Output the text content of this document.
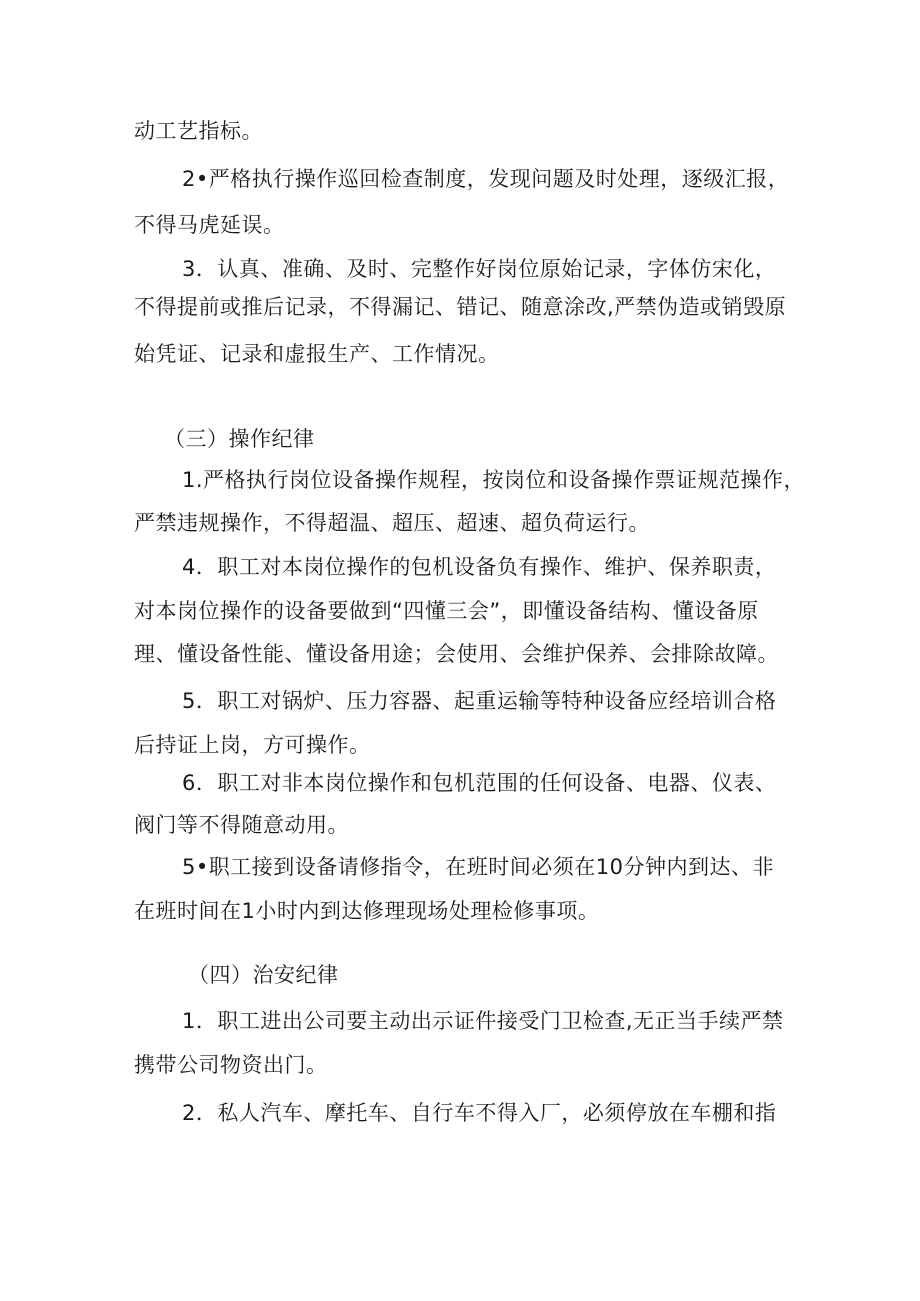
动工艺指标。
2•严格执行操作巡回检查制度，发现问题及时处理，逐级汇报，
不得马虎延误。
3．认真、准确、及时、完整作好岗位原始记录，字体仿宋化，
不得提前或推后记录，不得漏记、错记、随意涂改,严禁伪造或销毁原
始凭证、记录和虚报生产、工作情况。
（三）操作纪律
1.严格执行岗位设备操作规程，按岗位和设备操作票证规范操作，
严禁违规操作，不得超温、超压、超速、超负荷运行。
4．职工对本岗位操作的包机设备负有操作、维护、保养职责，
对本岗位操作的设备要做到“四懂三会”，即懂设备结构、懂设备原
理、懂设备性能、懂设备用途；会使用、会维护保养、会排除故障。
5．职工对锅炉、压力容器、起重运输等特种设备应经培训合格
后持证上岗，方可操作。
6．职工对非本岗位操作和包机范围的任何设备、电器、仪表、
阀门等不得随意动用。
5•职工接到设备请修指令，在班时间必须在10分钟内到达、非
在班时间在1小时内到达修理现场处理检修事项。
（四）治安纪律
1．职工进出公司要主动出示证件接受门卫检查,无正当手续严禁
携带公司物资出门。
2．私人汽车、摩托车、自行车不得入厂，必须停放在车棚和指
